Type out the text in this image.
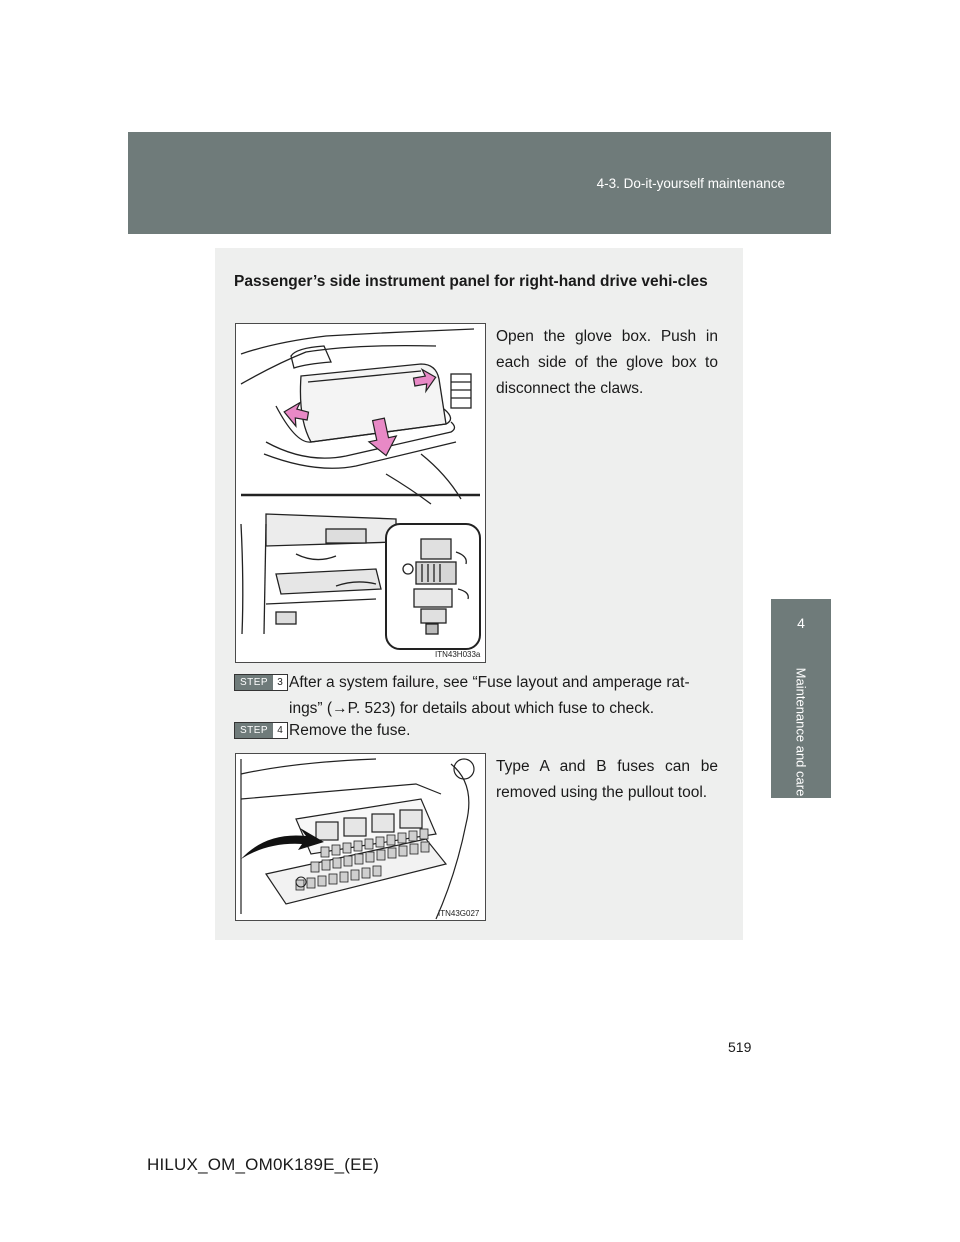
4-3. Do-it-yourself maintenance
4
Maintenance and care
Passenger’s side instrument panel for right-hand drive vehi-cles
ITN43H033a
Open the glove box. Push in each side of the glove box to disconnect the claws.
STEP 3 After a system failure, see “Fuse layout and amperage rat-
ings” (→P. 523) for details about which fuse to check.
STEP 4 Remove the fuse.
ITN43G027
Type A and B fuses can be removed using the pullout tool.
519
HILUX_OM_OM0K189E_(EE)
